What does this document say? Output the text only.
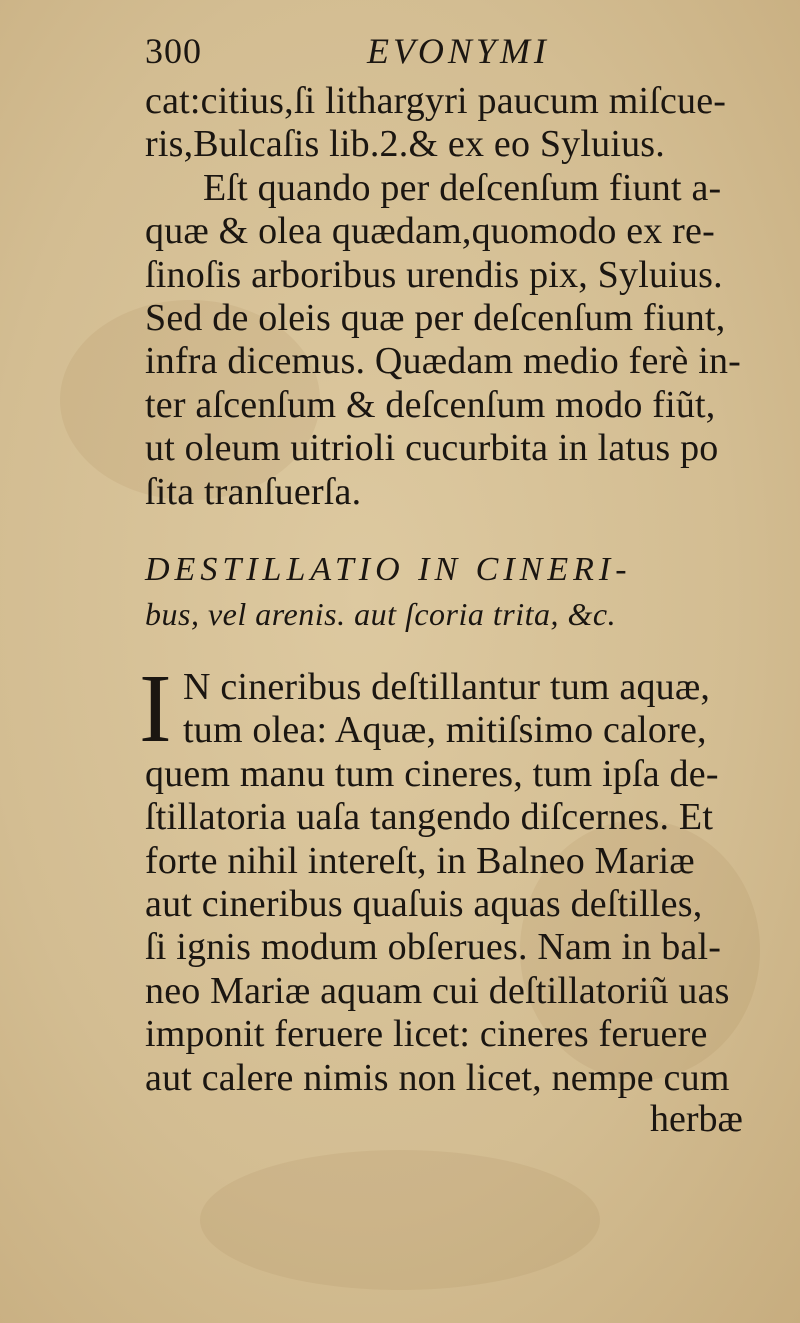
300	EVONYMI
cat:citius,ſi lithargyri paucum miſcue-
ris,Bulcaſis lib.2.& ex eo Syluius.
Eſt quando per deſcenſum fiunt a-
quæ & olea quædam,quomodo ex re-
ſinoſis arboribus urendis pix, Syluius.
Sed de oleis quæ per deſcenſum fiunt,
infra dicemus. Quædam medio ferè in-
ter aſcenſum & deſcenſum modo fiũt,
ut oleum uitrioli cucurbita in latus po
ſita tranſuerſa.
DESTILLATIO IN CINERI-
bus, vel arenis. aut ſcoria trita, &c.
I N cineribus deſtillantur tum aquæ,
tum olea: Aquæ, mitiſsimo calore,
quem manu tum cineres, tum ipſa de-
ſtillatoria uaſa tangendo diſcernes. Et
forte nihil intereſt, in Balneo Mariæ
aut cineribus quaſuis aquas deſtilles,
ſi ignis modum obſerues. Nam in bal-
neo Mariæ aquam cui deſtillatoriũ uas
imponit feruere licet: cineres feruere
aut calere nimis non licet, nempe cum
herbæ
